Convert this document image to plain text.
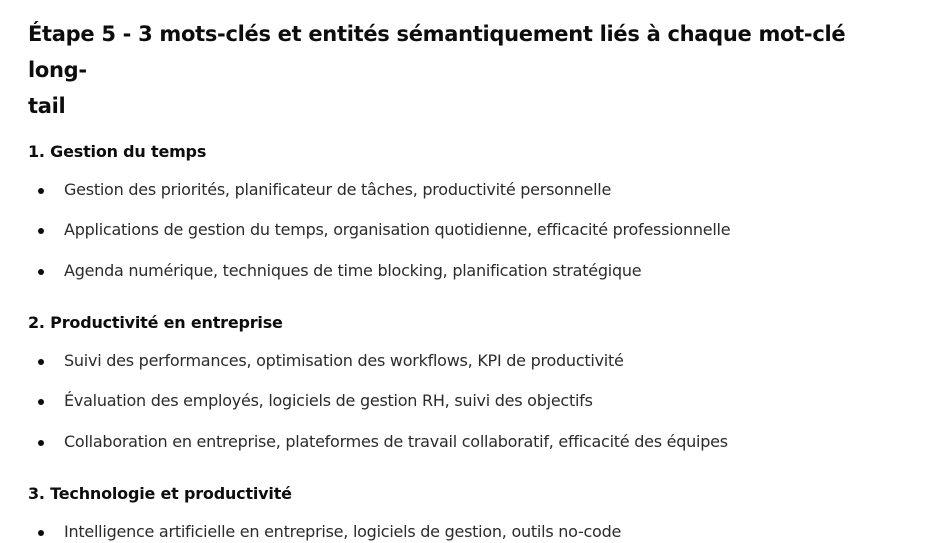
Étape 5 - 3 mots-clés et entités sémantiquement liés à chaque mot-clé long-
tail

1. Gestion du temps

Gestion des priorités, planificateur de tâches, productivité personnelle
Applications de gestion du temps, organisation quotidienne, efficacité professionnelle
Agenda numérique, techniques de time blocking, planification stratégique

2. Productivité en entreprise

Suivi des performances, optimisation des workflows, KPI de productivité
Évaluation des employés, logiciels de gestion RH, suivi des objectifs
Collaboration en entreprise, plateformes de travail collaboratif, efficacité des équipes

3. Technologie et productivité

Intelligence artificielle en entreprise, logiciels de gestion, outils no-code
